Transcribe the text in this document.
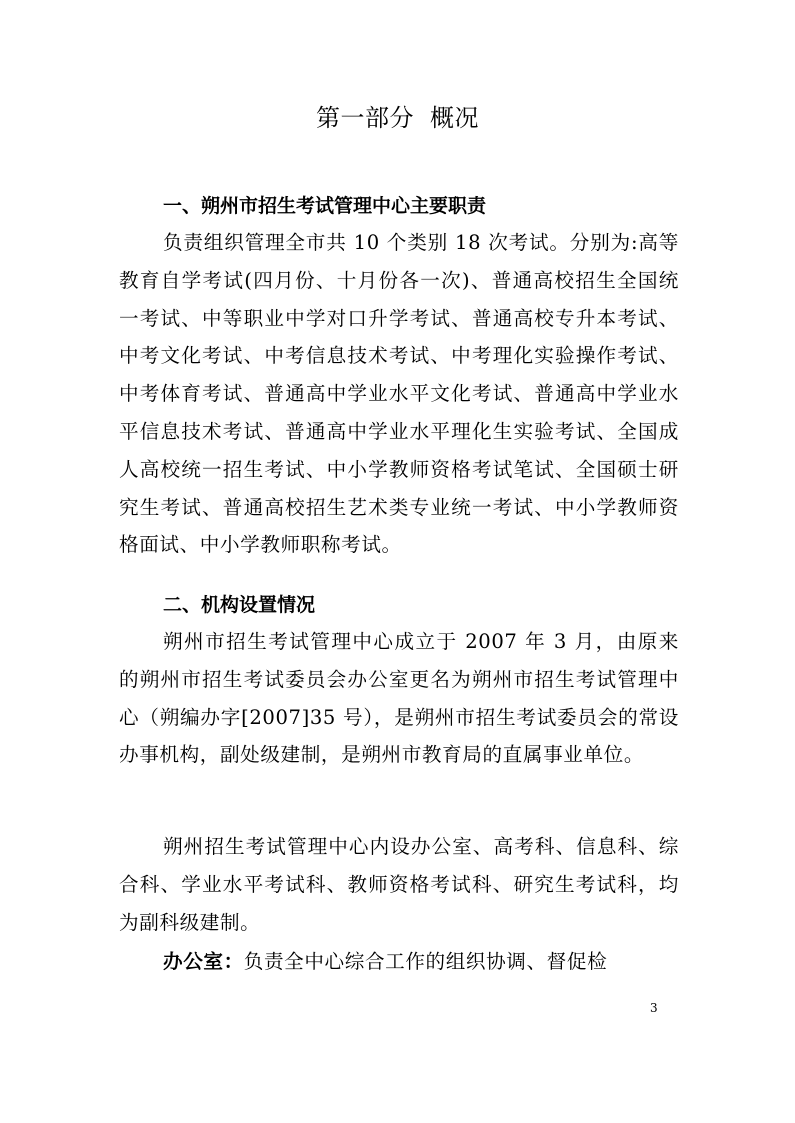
第一部分 概况
一、朔州市招生考试管理中心主要职责
负责组织管理全市共 10 个类别 18 次考试。分别为:高等教育自学考试(四月份、十月份各一次)、普通高校招生全国统一考试、中等职业中学对口升学考试、普通高校专升本考试、中考文化考试、中考信息技术考试、中考理化实验操作考试、中考体育考试、普通高中学业水平文化考试、普通高中学业水平信息技术考试、普通高中学业水平理化生实验考试、全国成人高校统一招生考试、中小学教师资格考试笔试、全国硕士研究生考试、普通高校招生艺术类专业统一考试、中小学教师资格面试、中小学教师职称考试。
二、机构设置情况
朔州市招生考试管理中心成立于 2007 年 3 月，由原来的朔州市招生考试委员会办公室更名为朔州市招生考试管理中心（朔编办字[2007]35 号），是朔州市招生考试委员会的常设办事机构，副处级建制，是朔州市教育局的直属事业单位。
朔州招生考试管理中心内设办公室、高考科、信息科、综合科、学业水平考试科、教师资格考试科、研究生考试科，均为副科级建制。
办公室：负责全中心综合工作的组织协调、督促检
3
